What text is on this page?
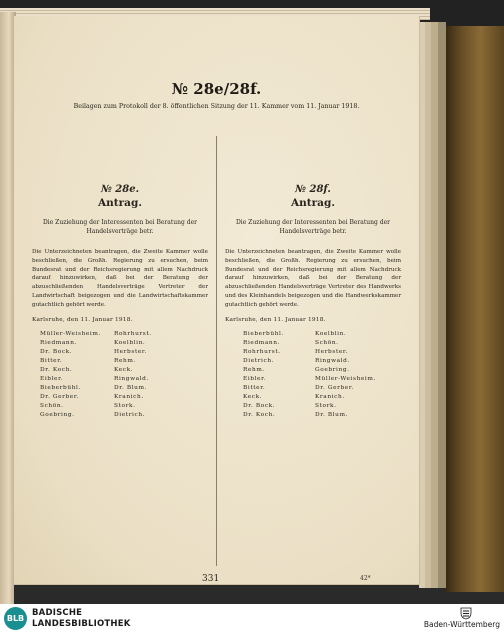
№ 28e/28f.
Beilagen zum Protokoll der 8. öffentlichen Sitzung der 11. Kammer vom 11. Januar 1918.
№ 28e.
Antrag.
Die Zuziehung der Interessenten bei Beratung der Handelsverträge betr.
Die Unterzeichneten beantragen, die Zweite Kammer wolle beschließen, die Großh. Regierung zu ersuchen, beim Bundesrat und der Reichsregierung mit allem Nachdruck darauf hinzuwirken, daß bei der Beratung der abzuschließenden Handelsverträge Vertreter der Landwirtschaft beigezogen und die Landwirtschaftskammer gutachtlich gehört werde.
Karlsruhe, den 11. Januar 1918.
Müller-Weisheim.
Riedmann.
Dr. Bock.
Bitter.
Dr. Koch.
Eibler.
Bieberbühl.
Dr. Gerber.
Schön.
Goebring.
Rohrhurst.
Koelblin.
Herbster.
Rehm.
Keck.
Ringwald.
Dr. Blum.
Kranich.
Stork.
Dietrich.
№ 28f.
Antrag.
Die Zuziehung der Interessenten bei Beratung der Handelsverträge betr.
Die Unterzeichneten beantragen, die Zweite Kammer wolle beschließen, die Großh. Regierung zu ersuchen, beim Bundesrat und der Reichsregierung mit allem Nachdruck darauf hinzuwirken, daß bei der Beratung der abzuschließenden Handelsverträge Vertreter des Handwerks und des Kleinhandels beigezogen und die Handwerkskammer gutachtlich gehört werde.
Karlsruhe, den 11. Januar 1918.
Bieberbühl.
Riedmann.
Rohrhurst.
Dietrich.
Rehm.
Eibler.
Bitter.
Keck.
Dr. Bock.
Dr. Koch.
Koelblin.
Schön.
Herbster.
Ringwald.
Goebring.
Müller-Weisheim.
Dr. Gerber.
Kranich.
Stork.
Dr. Blum.
331	42*
BLB
BADISCHE
LANDESBIBLIOTHEK	Baden-Württemberg
